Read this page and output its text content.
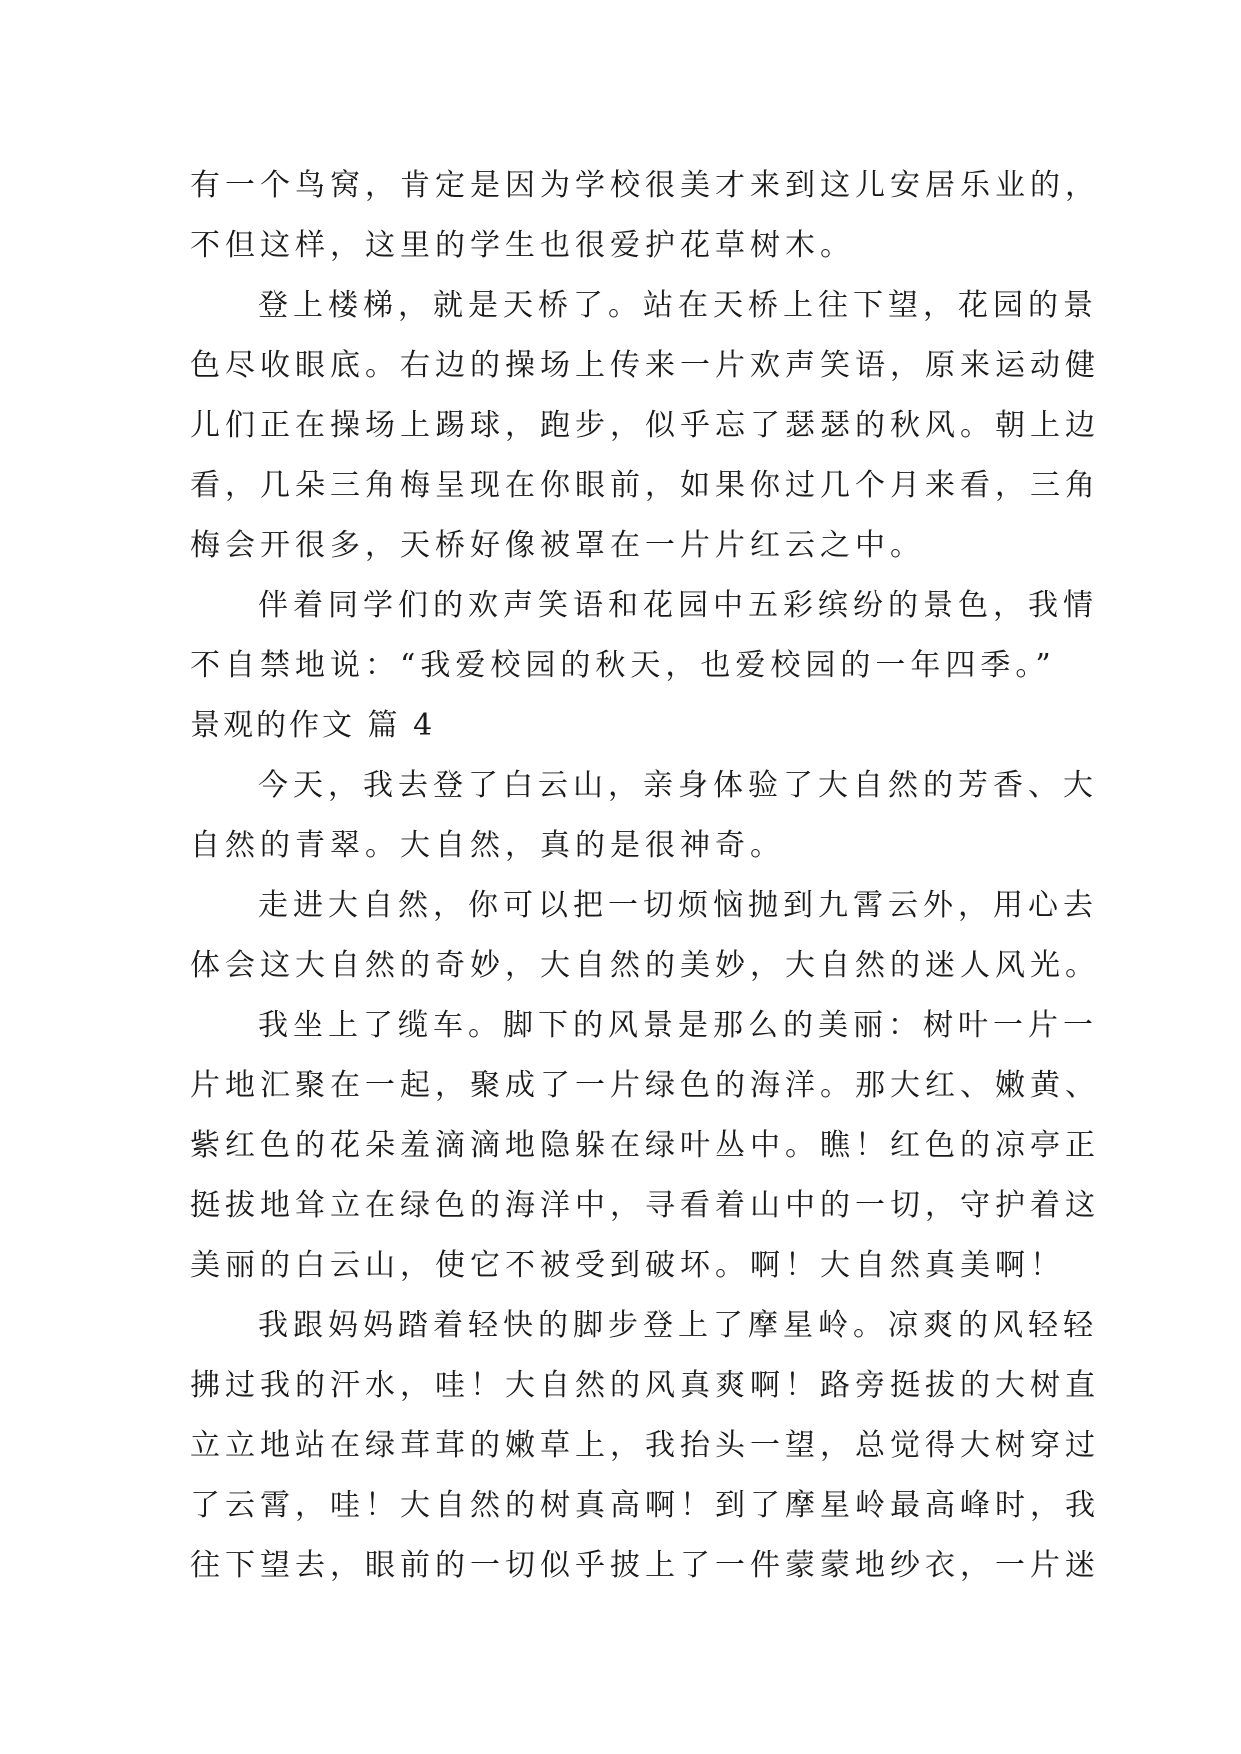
有一个鸟窝，肯定是因为学校很美才来到这儿安居乐业的，
不但这样，这里的学生也很爱护花草树木。
登上楼梯，就是天桥了。站在天桥上往下望，花园的景
色尽收眼底。右边的操场上传来一片欢声笑语，原来运动健
儿们正在操场上踢球，跑步，似乎忘了瑟瑟的秋风。朝上边
看，几朵三角梅呈现在你眼前，如果你过几个月来看，三角
梅会开很多，天桥好像被罩在一片片红云之中。
伴着同学们的欢声笑语和花园中五彩缤纷的景色，我情
不自禁地说：“我爱校园的秋天，也爱校园的一年四季。”
景观的作文 篇 4
今天，我去登了白云山，亲身体验了大自然的芳香、大
自然的青翠。大自然，真的是很神奇。
走进大自然，你可以把一切烦恼抛到九霄云外，用心去
体会这大自然的奇妙，大自然的美妙，大自然的迷人风光。
我坐上了缆车。脚下的风景是那么的美丽：树叶一片一
片地汇聚在一起，聚成了一片绿色的海洋。那大红、嫩黄、
紫红色的花朵羞滴滴地隐躲在绿叶丛中。瞧！红色的凉亭正
挺拔地耸立在绿色的海洋中，寻看着山中的一切，守护着这
美丽的白云山，使它不被受到破坏。啊！大自然真美啊！
我跟妈妈踏着轻快的脚步登上了摩星岭。凉爽的风轻轻
拂过我的汗水，哇！大自然的风真爽啊！路旁挺拔的大树直
立立地站在绿茸茸的嫩草上，我抬头一望，总觉得大树穿过
了云霄，哇！大自然的树真高啊！到了摩星岭最高峰时，我
往下望去，眼前的一切似乎披上了一件蒙蒙地纱衣，一片迷
